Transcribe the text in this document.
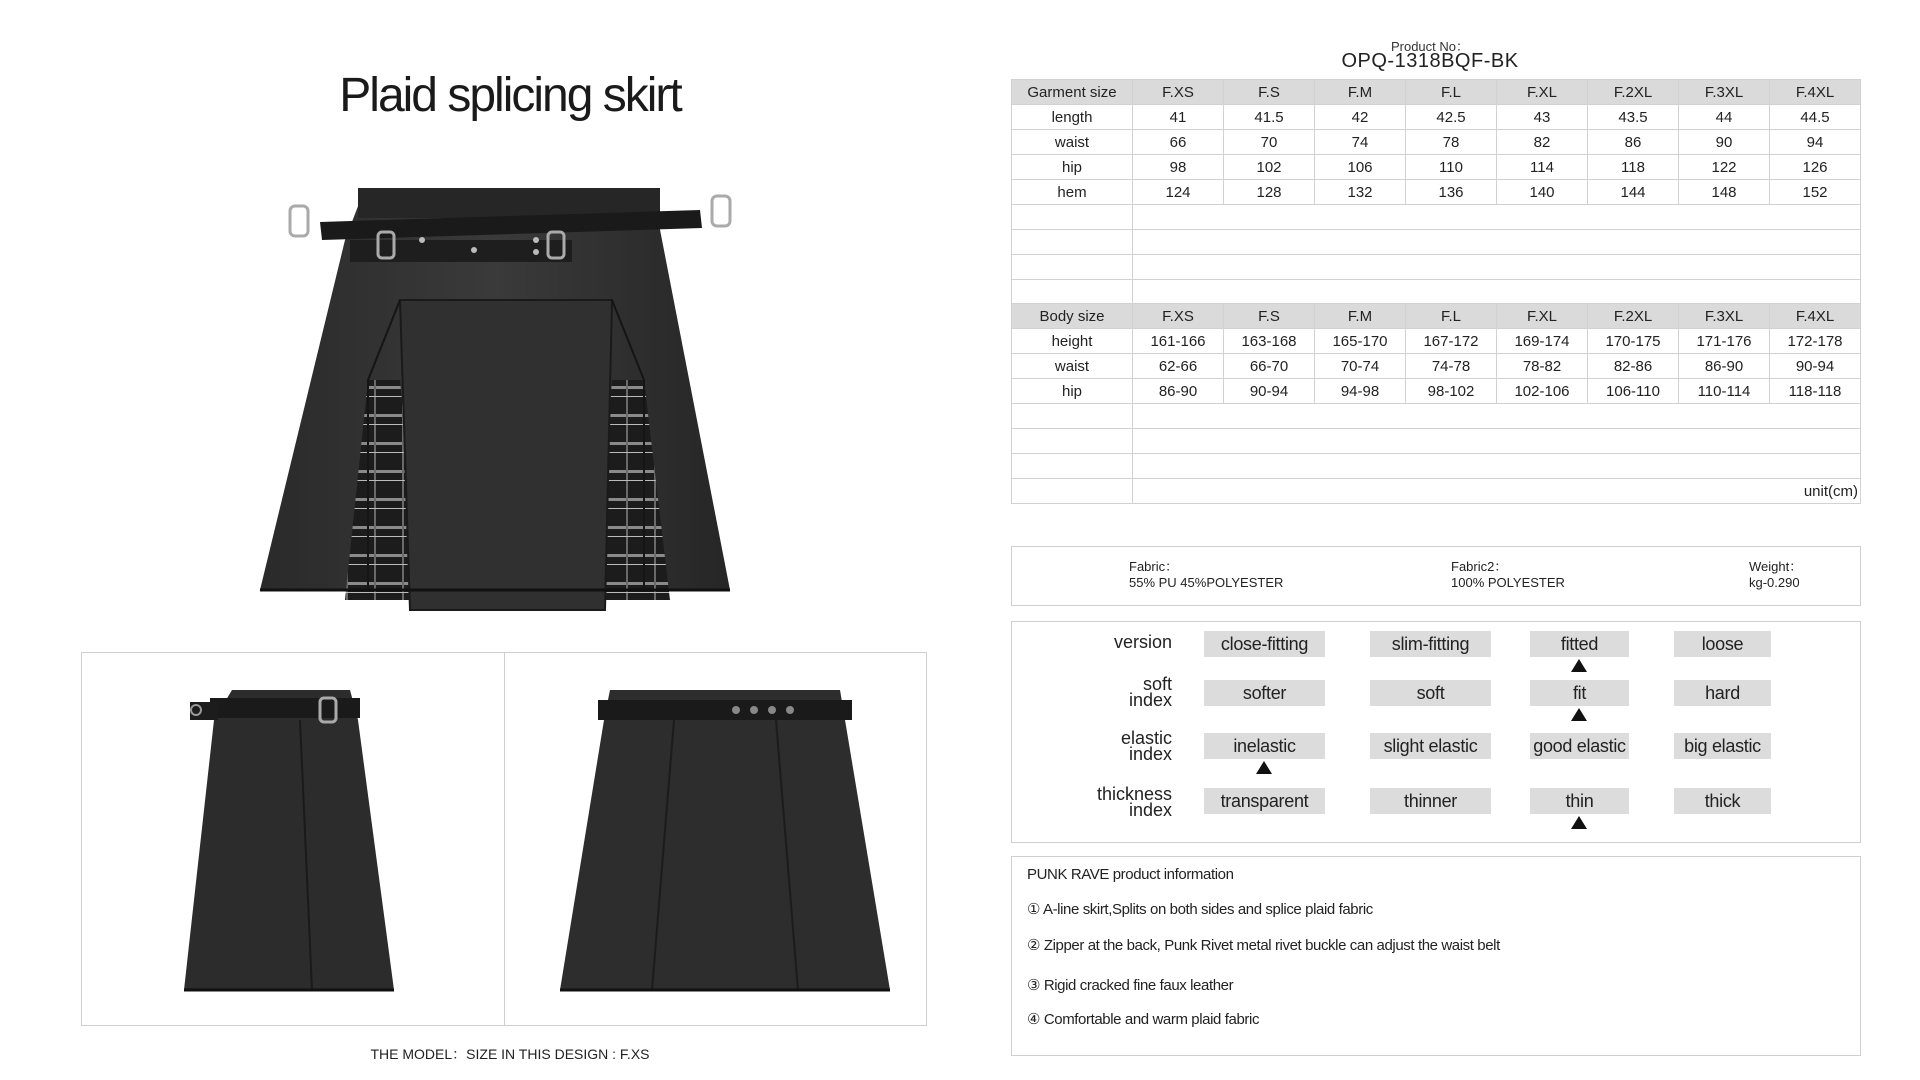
Plaid splicing skirt
THE MODEL：SIZE IN THIS DESIGN : F.XS
Product No：
OPQ-1318BQF-BK
Garment size	F.XS	F.S	F.M	F.L	F.XL	F.2XL	F.3XL	F.4XL
length	41	41.5	42	42.5	43	43.5	44	44.5
waist	66	70	74	78	82	86	90	94
hip	98	102	106	110	114	118	122	126
hem	124	128	132	136	140	144	148	152

Body size	F.XS	F.S	F.M	F.L	F.XL	F.2XL	F.3XL	F.4XL
height	161-166	163-168	165-170	167-172	169-174	170-175	171-176	172-178
waist	62-66	66-70	70-74	74-78	78-82	82-86	86-90	90-94
hip	86-90	90-94	94-98	98-102	102-106	106-110	110-114	118-118

	unit(cm)							
Fabric：
55% PU 45%POLYESTER
Fabric2：
100% POLYESTER
Weight：
kg-0.290
version	close-fitting	slim-fitting	fitted	loose
soft
index	softer	soft	fit	hard
elastic
index	inelastic	slight elastic	good elastic	big elastic
thickness
index	transparent	thinner	thin	thick
PUNK RAVE product information
① A-line skirt,Splits on both sides and splice plaid fabric
② Zipper at the back, Punk Rivet metal rivet buckle can adjust the waist belt
③ Rigid cracked fine faux leather
④ Comfortable and warm plaid fabric
